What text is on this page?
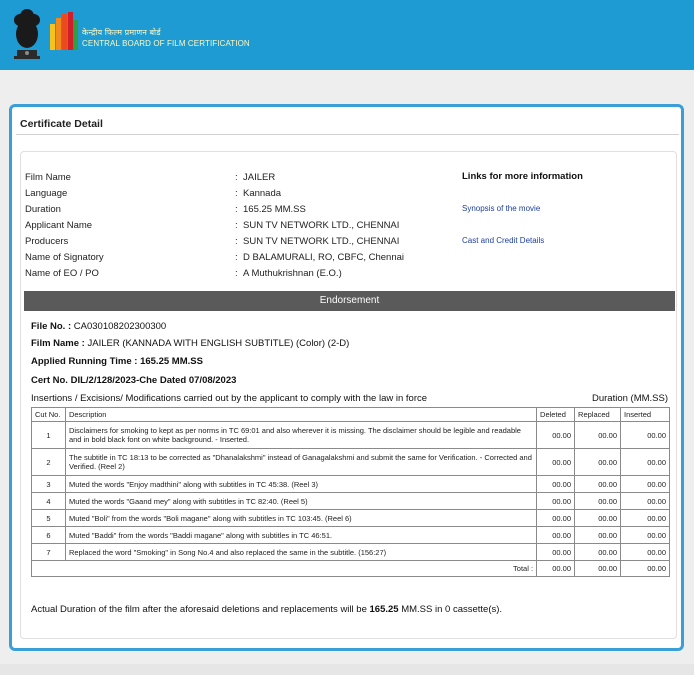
केन्द्रीय फिल्म प्रमाणन बोर्ड
CENTRAL BOARD OF FILM CERTIFICATION
Certificate Detail
Film Name	: JAILER
Language	: Kannada
Duration	: 165.25 MM.SS
Applicant Name	: SUN TV NETWORK LTD., CHENNAI
Producers	: SUN TV NETWORK LTD., CHENNAI
Name of Signatory	: D BALAMURALI, RO, CBFC, Chennai
Name of EO / PO	: A Muthukrishnan (E.O.)
Links for more information
Synopsis of the movie
Cast and Credit Details
Endorsement
File No. : CA030108202300300
Film Name : JAILER (KANNADA WITH ENGLISH SUBTITLE) (Color) (2-D)
Applied Running Time : 165.25 MM.SS
Cert No. DIL/2/128/2023-Che Dated 07/08/2023
Insertions / Excisions/ Modifications carried out by the applicant to comply with the law in force	Duration (MM.SS)
Cut No.	Description	Deleted	Replaced	Inserted
1	Disclaimers for smoking to kept as per norms in TC 69:01 and also wherever it is missing. The disclaimer should be legible and readable and in bold black font on white background. - Inserted.	00.00	00.00	00.00
2	The subtitle in TC 18:13 to be corrected as "Dhanalakshmi" instead of Ganagalakshmi and submit the same for Verification. - Corrected and Verified. (Reel 2)	00.00	00.00	00.00
3	Muted the words "Enjoy madthini" along with subtitles in TC 45:38. (Reel 3)	00.00	00.00	00.00
4	Muted the words "Gaand mey" along with subtitles in TC 82:40. (Reel 5)	00.00	00.00	00.00
5	Muted "Boli" from the words "Boli magane" along with subtitles in TC 103:45. (Reel 6)	00.00	00.00	00.00
6	Muted "Baddi" from the words "Baddi magane" along with subtitles in TC 46:51.	00.00	00.00	00.00
7	Replaced the word "Smoking" in Song No.4 and also replaced the same in the subtitle. (156:27)	00.00	00.00	00.00
Total :		00.00	00.00	00.00
Actual Duration of the film after the aforesaid deletions and replacements will be 165.25 MM.SS in 0 cassette(s).
